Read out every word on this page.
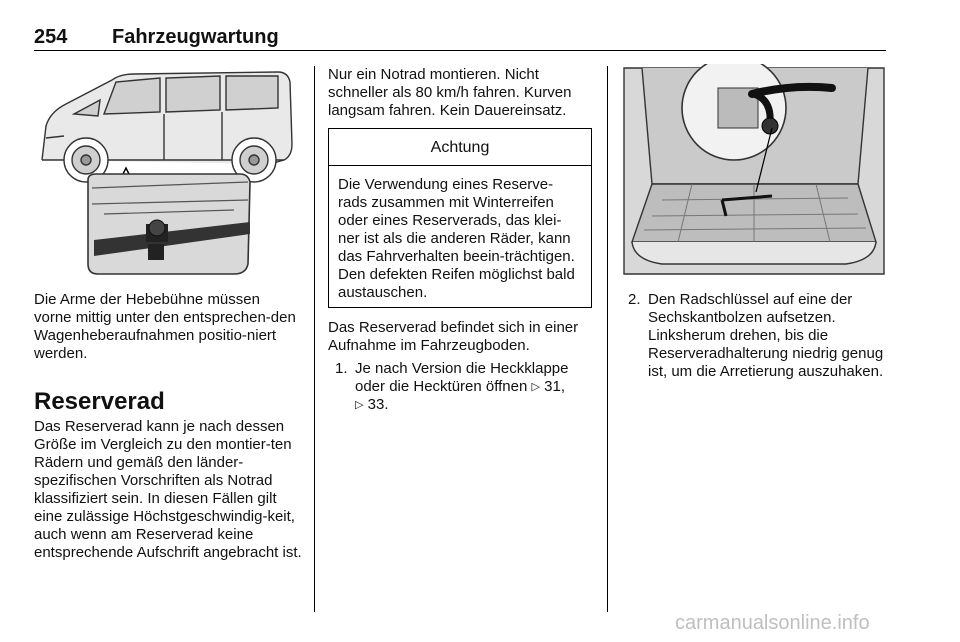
254 Fahrzeugwartung
Die Arme der Hebebühne müssen vorne mittig unter den entsprechen-den Wagenheberaufnahmen positio-niert werden.
Reserverad
Das Reserverad kann je nach dessen Größe im Vergleich zu den montier-ten Rädern und gemäß den länder-spezifischen Vorschriften als Notrad klassifiziert sein. In diesen Fällen gilt eine zulässige Höchstgeschwindig-keit, auch wenn am Reserverad keine entsprechende Aufschrift angebracht ist.
Nur ein Notrad montieren. Nicht schneller als 80 km/h fahren. Kurven langsam fahren. Kein Dauereinsatz.
Achtung
Die Verwendung eines Reserve-rads zusammen mit Winterreifen oder eines Reserverads, das klei-ner ist als die anderen Räder, kann das Fahrverhalten beein-trächtigen. Den defekten Reifen möglichst bald austauschen.
Das Reserverad befindet sich in einer Aufnahme im Fahrzeugboden.
1. Je nach Version die Heckklappe oder die Hecktüren öffnen ▷ 31,
▷ 33.
2. Den Radschlüssel auf eine der Sechskantbolzen aufsetzen. Linksherum drehen, bis die Reserveradhalterung niedrig genug ist, um die Arretierung auszuhaken.
carmanualsonline.info
